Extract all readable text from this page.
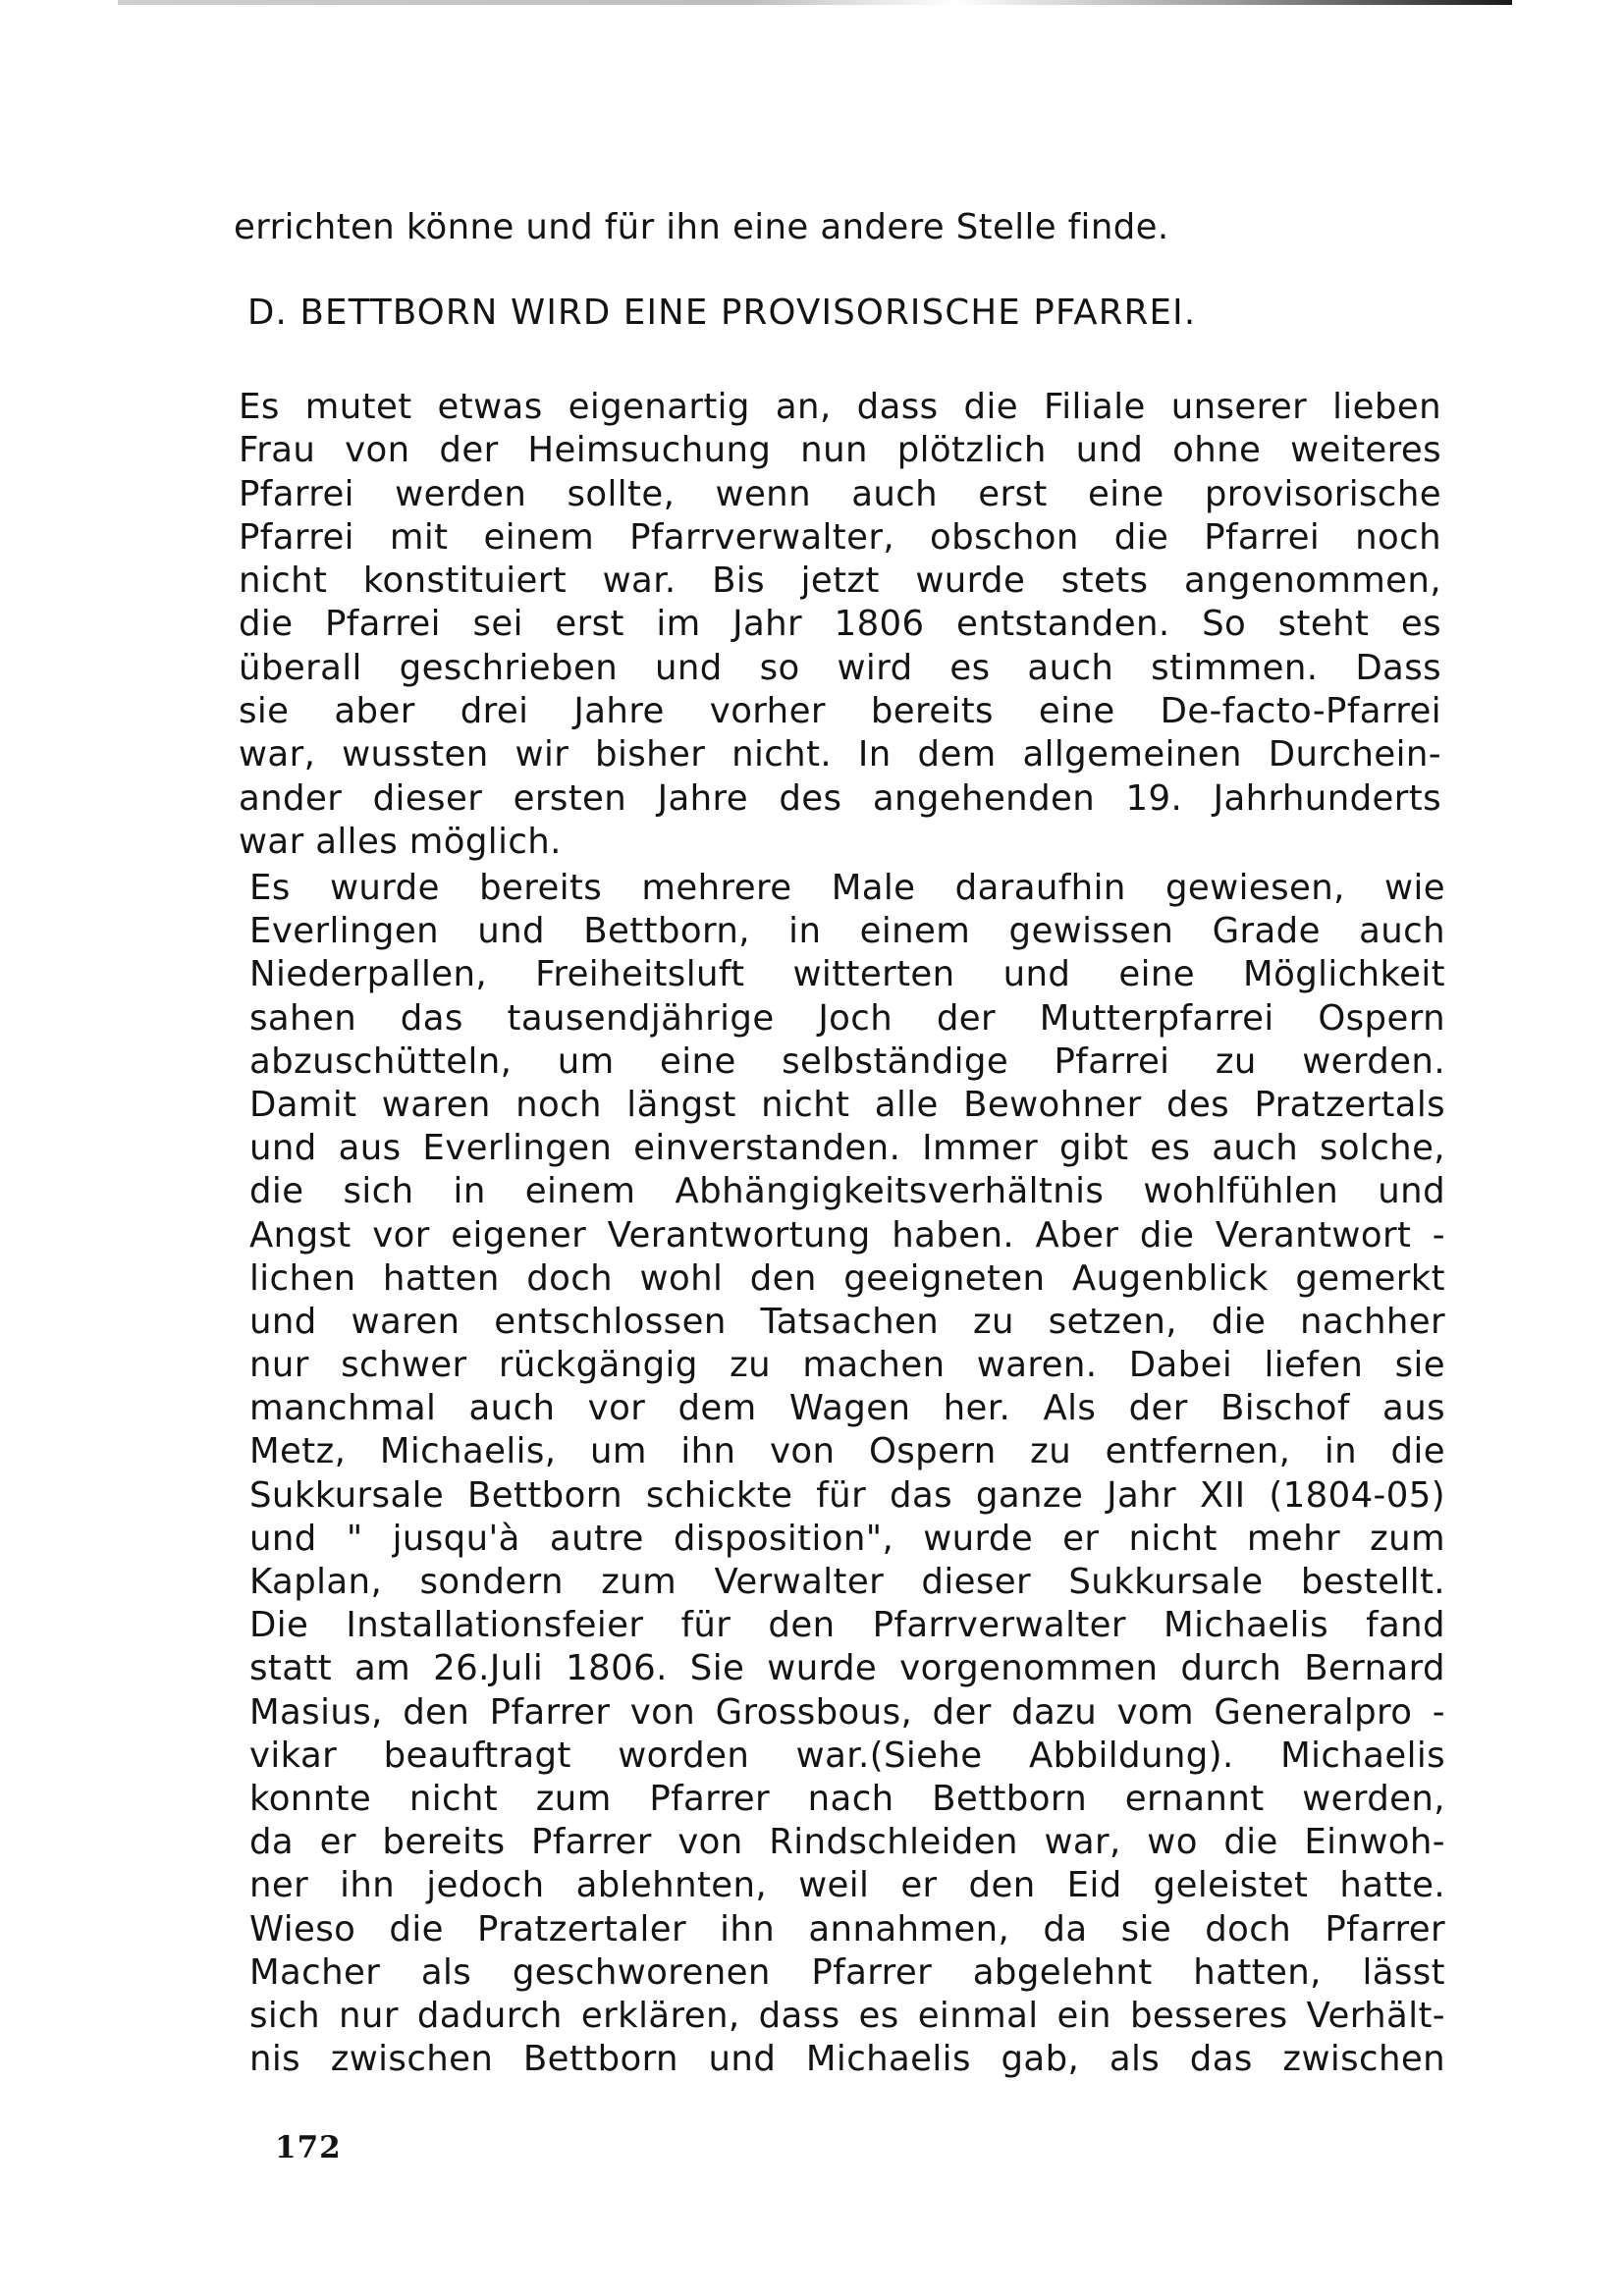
errichten könne und für ihn eine andere Stelle finde.
D. BETTBORN WIRD EINE PROVISORISCHE PFARREI.
Es mutet etwas eigenartig an, dass die Filiale unserer lieben
Frau von der Heimsuchung nun plötzlich und ohne weiteres
Pfarrei werden sollte, wenn auch erst eine provisorische
Pfarrei mit einem Pfarrverwalter, obschon die Pfarrei noch
nicht konstituiert war. Bis jetzt wurde stets angenommen,
die Pfarrei sei erst im Jahr 1806 entstanden. So steht es
überall geschrieben und so wird es auch stimmen. Dass
sie aber drei Jahre vorher bereits eine De-facto-Pfarrei
war, wussten wir bisher nicht. In dem allgemeinen Durchein-
ander dieser ersten Jahre des angehenden 19. Jahrhunderts
war alles möglich.
Es wurde bereits mehrere Male daraufhin gewiesen, wie
Everlingen und Bettborn, in einem gewissen Grade auch
Niederpallen, Freiheitsluft witterten und eine Möglichkeit
sahen das tausendjährige Joch der Mutterpfarrei Ospern
abzuschütteln, um eine selbständige Pfarrei zu werden.
Damit waren noch längst nicht alle Bewohner des Pratzertals
und aus Everlingen einverstanden. Immer gibt es auch solche,
die sich in einem Abhängigkeitsverhältnis wohlfühlen und
Angst vor eigener Verantwortung haben. Aber die Verantwort -
lichen hatten doch wohl den geeigneten Augenblick gemerkt
und waren entschlossen Tatsachen zu setzen, die nachher
nur schwer rückgängig zu machen waren. Dabei liefen sie
manchmal auch vor dem Wagen her. Als der Bischof aus
Metz, Michaelis, um ihn von Ospern zu entfernen, in die
Sukkursale Bettborn schickte für das ganze Jahr XII (1804-05)
und " jusqu'à autre disposition", wurde er nicht mehr zum
Kaplan, sondern zum Verwalter dieser Sukkursale bestellt.
Die Installationsfeier für den Pfarrverwalter Michaelis fand
statt am 26.Juli 1806. Sie wurde vorgenommen durch Bernard
Masius, den Pfarrer von Grossbous, der dazu vom Generalpro -
vikar beauftragt worden war.(Siehe Abbildung). Michaelis
konnte nicht zum Pfarrer nach Bettborn ernannt werden,
da er bereits Pfarrer von Rindschleiden war, wo die Einwoh-
ner ihn jedoch ablehnten, weil er den Eid geleistet hatte.
Wieso die Pratzertaler ihn annahmen, da sie doch Pfarrer
Macher als geschworenen Pfarrer abgelehnt hatten, lässt
sich nur dadurch erklären, dass es einmal ein besseres Verhält-
nis zwischen Bettborn und Michaelis gab, als das zwischen
172
